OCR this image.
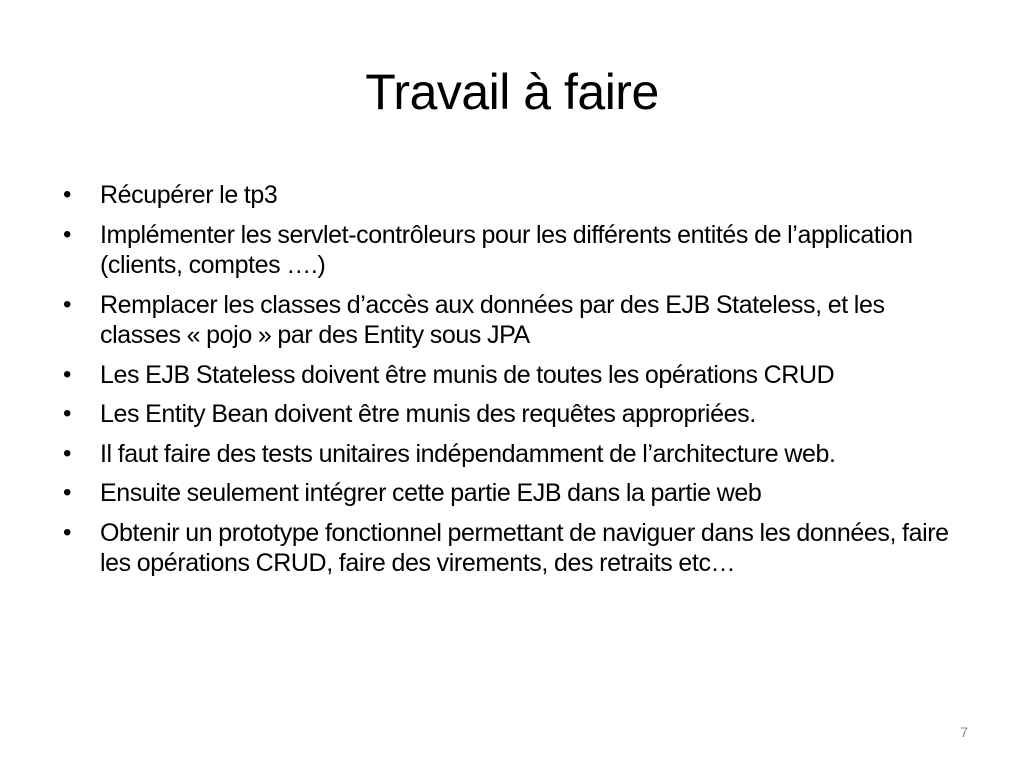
Travail à faire
•	Récupérer le tp3
•	Implémenter les servlet-contrôleurs pour les différents entités de l’application (clients, comptes ….)
•	Remplacer les classes d’accès aux données par des EJB Stateless, et les classes « pojo » par des Entity sous JPA
•	Les EJB Stateless doivent être munis de toutes les opérations CRUD
•	Les Entity Bean doivent être munis des requêtes appropriées.
•	Il faut faire des tests unitaires indépendamment de l’architecture web.
•	Ensuite seulement intégrer cette partie EJB dans la partie web
•	Obtenir un prototype fonctionnel permettant de naviguer dans les données, faire les opérations CRUD, faire des virements, des retraits etc…
7
